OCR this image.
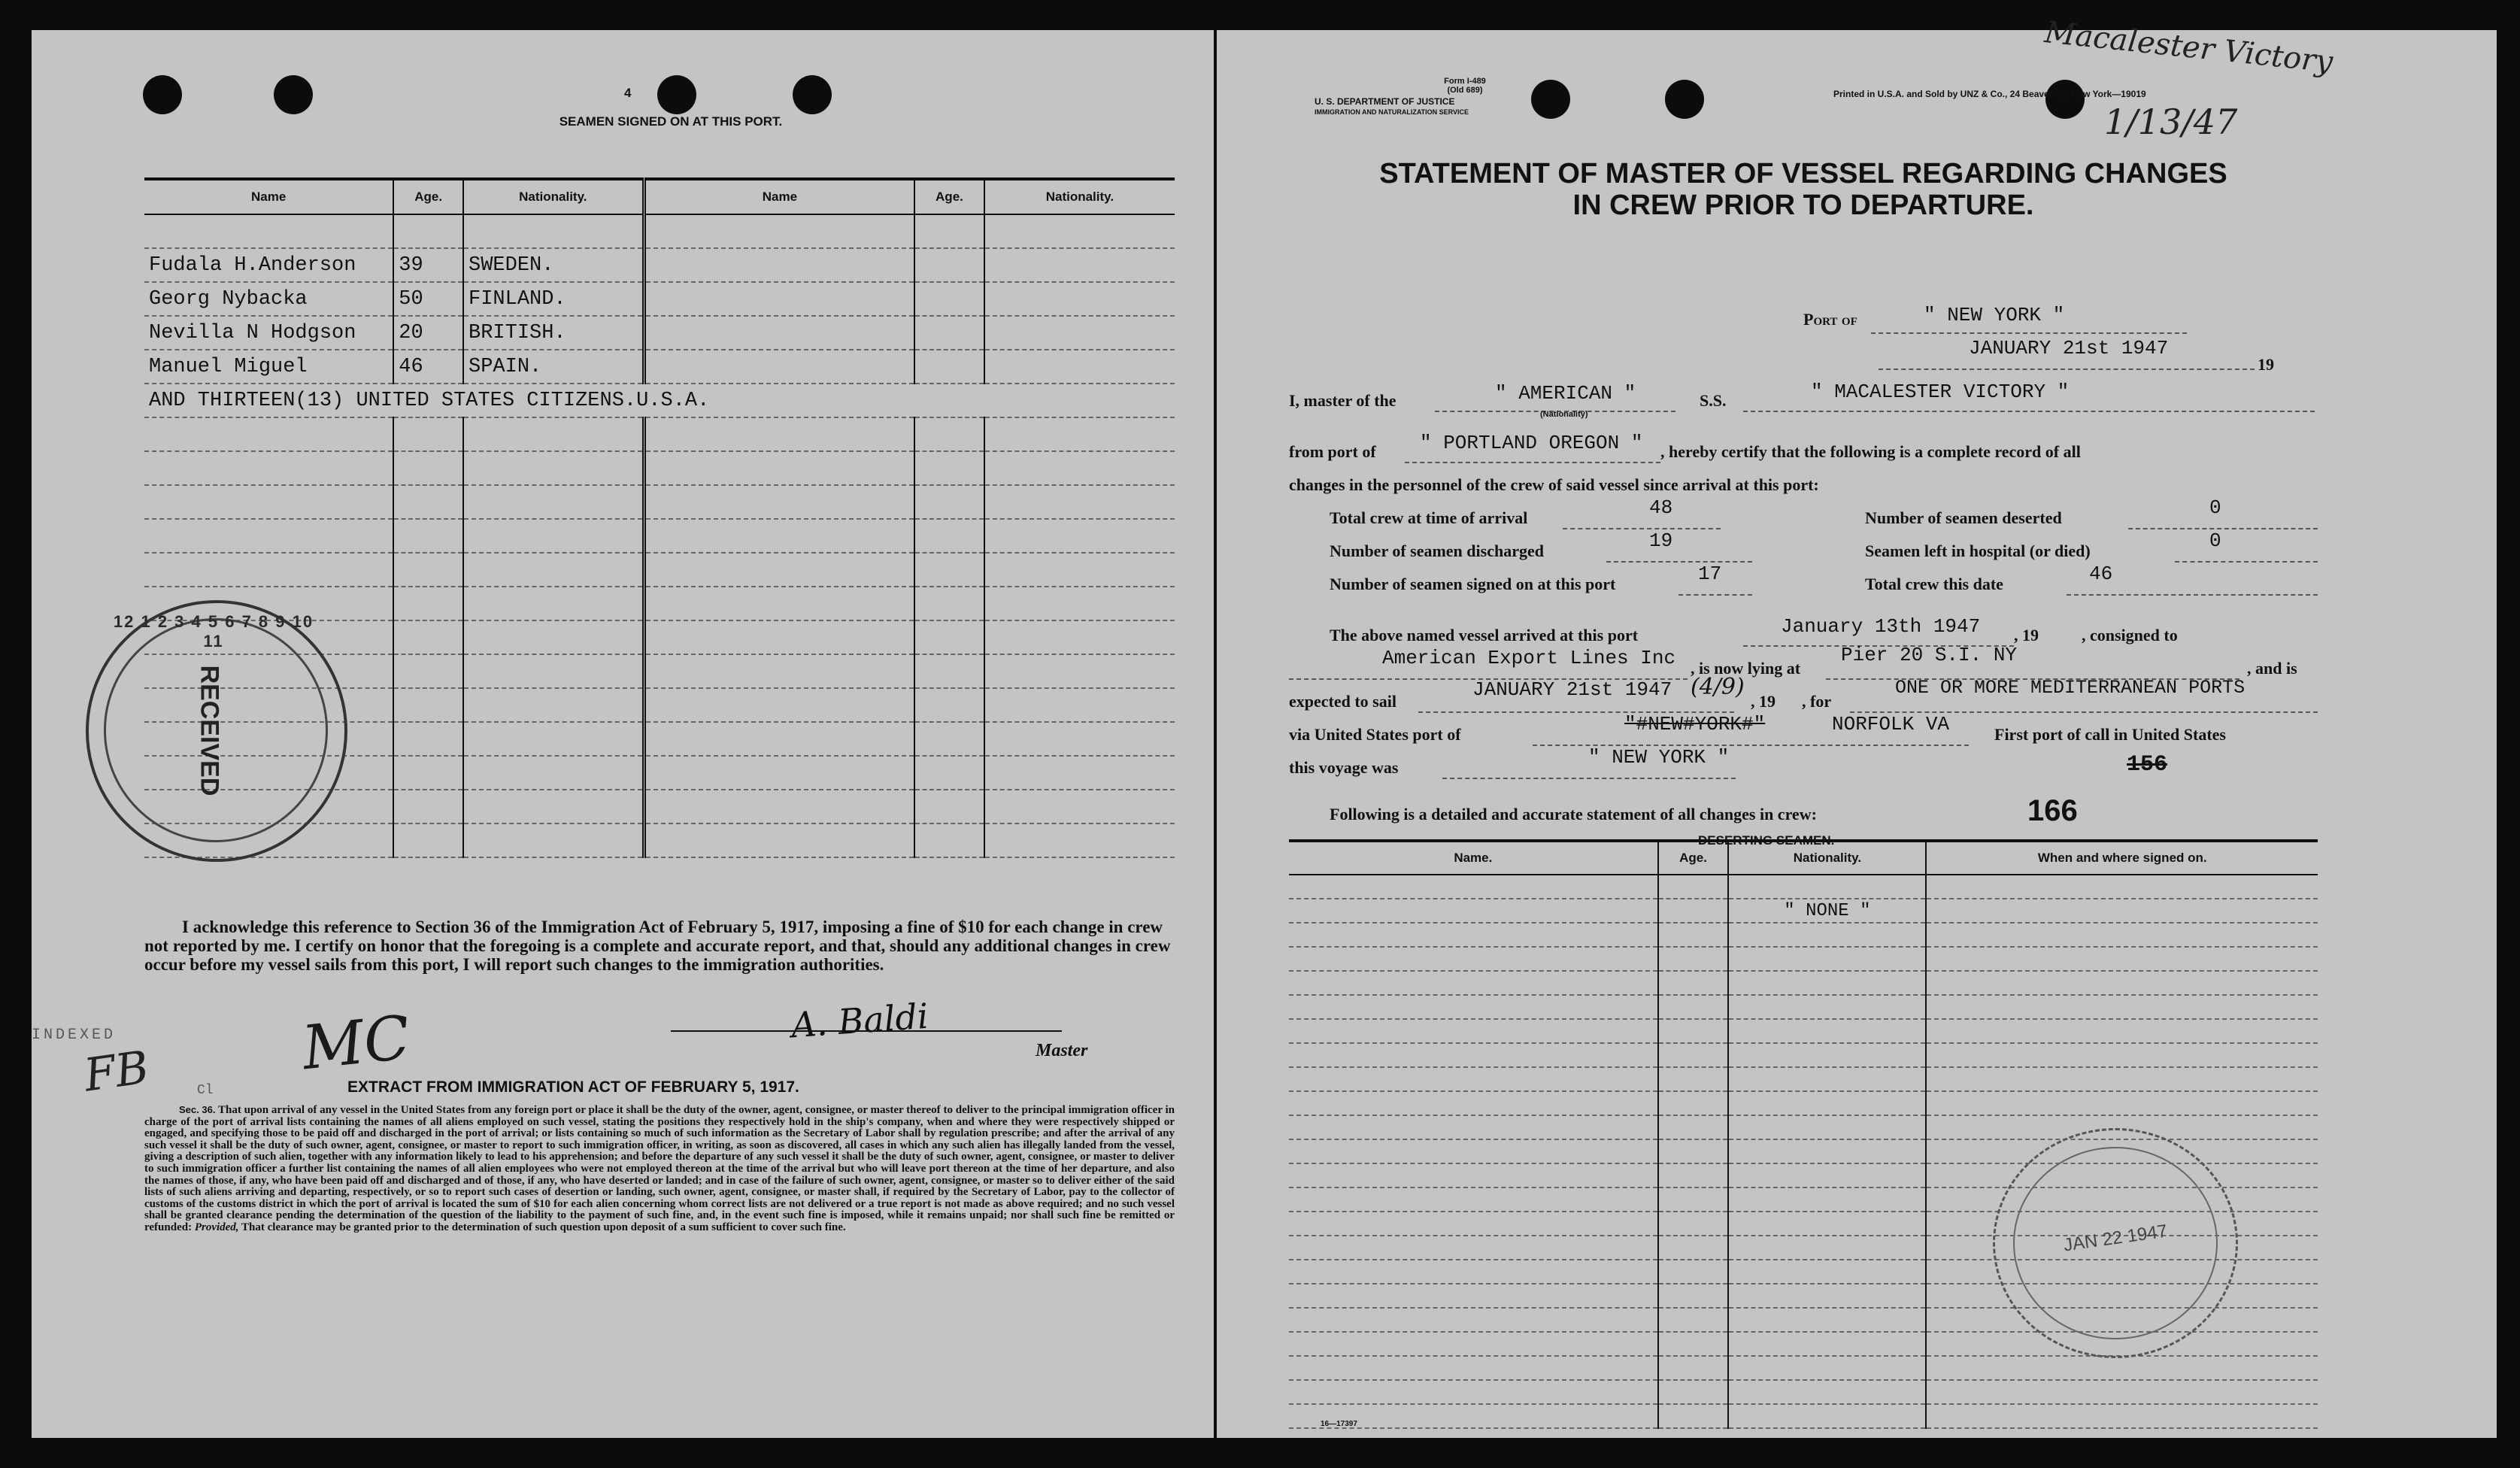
4
SEAMEN SIGNED ON AT THIS PORT.
Name	Age.	Nationality.	Name	Age.	Nationality.

Fudala H.Anderson	39	SWEDEN.			
Georg Nybacka	50	FINLAND.			
Nevilla N Hodgson	20	BRITISH.			
Manuel Miguel	46	SPAIN.			
AND THIRTEEN(13) UNITED STATES CITIZENS.U.S.A.					

12 1 2 3 4 5 6 7 8 9 10 11
RECEIVED
I acknowledge this reference to Section 36 of the Immigration Act of February 5, 1917, imposing a fine of $10 for each change in crew not reported by me. I certify on honor that the foregoing is a complete and accurate report, and that, should any additional changes in crew occur before my vessel sails from this port, I will report such changes to the immigration authorities.
INDEXED
FB	Cl
MC	A. Baldi
Master
EXTRACT FROM IMMIGRATION ACT OF FEBRUARY 5, 1917.
Sec. 36. That upon arrival of any vessel in the United States from any foreign port or place it shall be the duty of the owner, agent, consignee, or master thereof to deliver to the principal immigration officer in charge of the port of arrival lists containing the names of all aliens employed on such vessel, stating the positions they respectively hold in the ship's company, when and where they were respectively shipped or engaged, and specifying those to be paid off and discharged in the port of arrival; or lists containing so much of such information as the Secretary of Labor shall by regulation prescribe; and after the arrival of any such vessel it shall be the duty of such owner, agent, consignee, or master to report to such immigration officer, in writing, as soon as discovered, all cases in which any such alien has illegally landed from the vessel, giving a description of such alien, together with any information likely to lead to his apprehension; and before the departure of any such vessel it shall be the duty of such owner, agent, consignee, or master to deliver to such immigration officer a further list containing the names of all alien employees who were not employed thereon at the time of the arrival but who will leave port thereon at the time of her departure, and also the names of those, if any, who have been paid off and discharged and of those, if any, who have deserted or landed; and in case of the failure of such owner, agent, consignee, or master so to deliver either of the said lists of such aliens arriving and departing, respectively, or so to report such cases of desertion or landing, such owner, agent, consignee, or master shall, if required by the Secretary of Labor, pay to the collector of customs of the customs district in which the port of arrival is located the sum of $10 for each alien concerning whom correct lists are not delivered or a true report is not made as above required; and no such vessel shall be granted clearance pending the determination of the question of the liability to the payment of such fine, and, in the event such fine is imposed, while it remains unpaid; nor shall such fine be remitted or refunded: Provided, That clearance may be granted prior to the determination of such question upon deposit of a sum sufficient to cover such fine.
Form I-489
(Old 689)
U. S. DEPARTMENT OF JUSTICE
IMMIGRATION AND NATURALIZATION SERVICE
Printed in U.S.A. and Sold by UNZ & Co., 24 Beaver St., New York—19019
Macalester Victory
1/13/47
STATEMENT OF MASTER OF VESSEL REGARDING CHANGES
IN CREW PRIOR TO DEPARTURE.
Port of	" NEW YORK "
JANUARY 21st 1947
19
I, master of the	" AMERICAN "
(Nationality)
S.S.	" MACALESTER VICTORY "
from port of " PORTLAND OREGON " , hereby certify that the following is a complete record of all
changes in the personnel of the crew of said vessel since arrival at this port:
Total crew at time of arrival	48
Number of seamen discharged	19
Number of seamen signed on at this port	17
Number of seamen deserted	0
Seamen left in hospital (or died)	0
Total crew this date	46
The above named vessel arrived at this port	January 13th 1947 , 19	, consigned to
American Export Lines Inc , is now lying at
Pier 20 S.I. NY
, and is
expected to sail
JANUARY 21st 1947 (4/9)
, 19 , for
ONE OR MORE MEDITERRANEAN PORTS
via United States port of	"#NEW#YORK#"	NORFOLK VA	First port of call in United States
this voyage was	" NEW YORK "	156
Following is a detailed and accurate statement of all changes in crew:	166
DESERTING SEAMEN.
Name.	Age.	Nationality.	When and where signed on.

		" NONE "	

JAN 22 1947
16—17397
